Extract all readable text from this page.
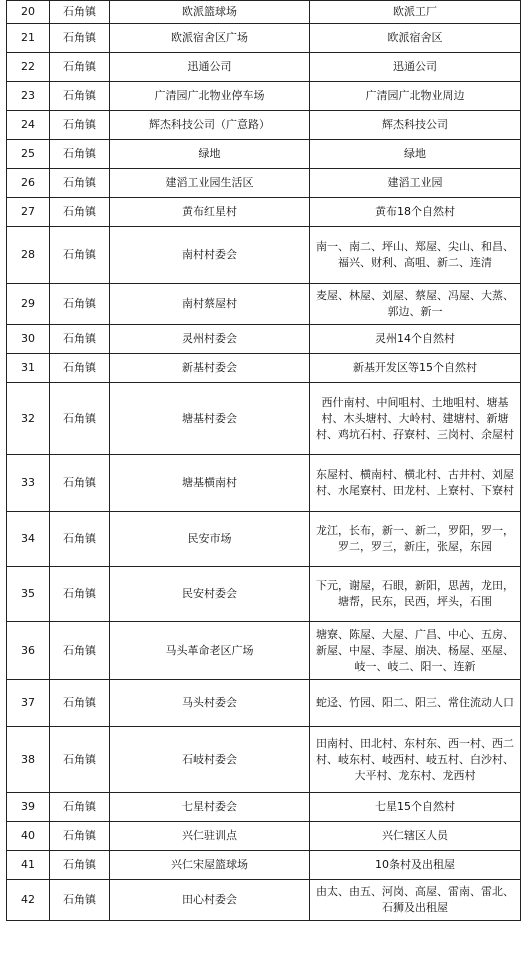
20	石角镇	欧派篮球场	欧派工厂
21	石角镇	欧派宿舍区广场	欧派宿舍区
22	石角镇	迅通公司	迅通公司
23	石角镇	广清园广北物业停车场	广清园广北物业周边
24	石角镇	辉杰科技公司（广意路）	辉杰科技公司
25	石角镇	绿地	绿地
26	石角镇	建滔工业园生活区	建滔工业园
27	石角镇	黄布红星村	黄布18个自然村
28	石角镇	南村村委会	南一、南二、坪山、郑屋、尖山、和昌、福兴、财利、高咀、新二、连清
29	石角镇	南村蔡屋村	麦屋、林屋、刘屋、蔡屋、冯屋、大蒸、郭边、新一
30	石角镇	灵州村委会	灵州14个自然村
31	石角镇	新基村委会	新基开发区等15个自然村
32	石角镇	塘基村委会	西什南村、中间咀村、土地咀村、塘基村、木头塘村、大岭村、建塘村、新塘村、鸡坑石村、孖寮村、三岗村、余屋村
33	石角镇	塘基横南村	东屋村、横南村、横北村、古井村、刘屋村、水尾寮村、田龙村、上寮村、下寮村
34	石角镇	民安市场	龙江，长布，新一、新二，罗阳，罗一，罗二，罗三，新庄，张屋，东园
35	石角镇	民安村委会	下元，谢屋，石眼，新阳，思茜，龙田，塘帮，民东，民西，坪头，石围
36	石角镇	马头革命老区广场	塘寮、陈屋、大屋、广昌、中心、五房、新屋、中屋、李屋、崩决、杨屋、巫屋、岐一、岐二、阳一、连新
37	石角镇	马头村委会	蛇迳、竹园、阳二、阳三、常住流动人口
38	石角镇	石岐村委会	田南村、田北村、东村东、西一村、西二村、岐东村、岐西村、岐五村、白沙村、大平村、龙东村、龙西村
39	石角镇	七星村委会	七星15个自然村
40	石角镇	兴仁驻训点	兴仁辖区人员
41	石角镇	兴仁宋屋篮球场	10条村及出租屋
42	石角镇	田心村委会	由太、由五、河岗、高屋、雷南、雷北、石狮及出租屋
